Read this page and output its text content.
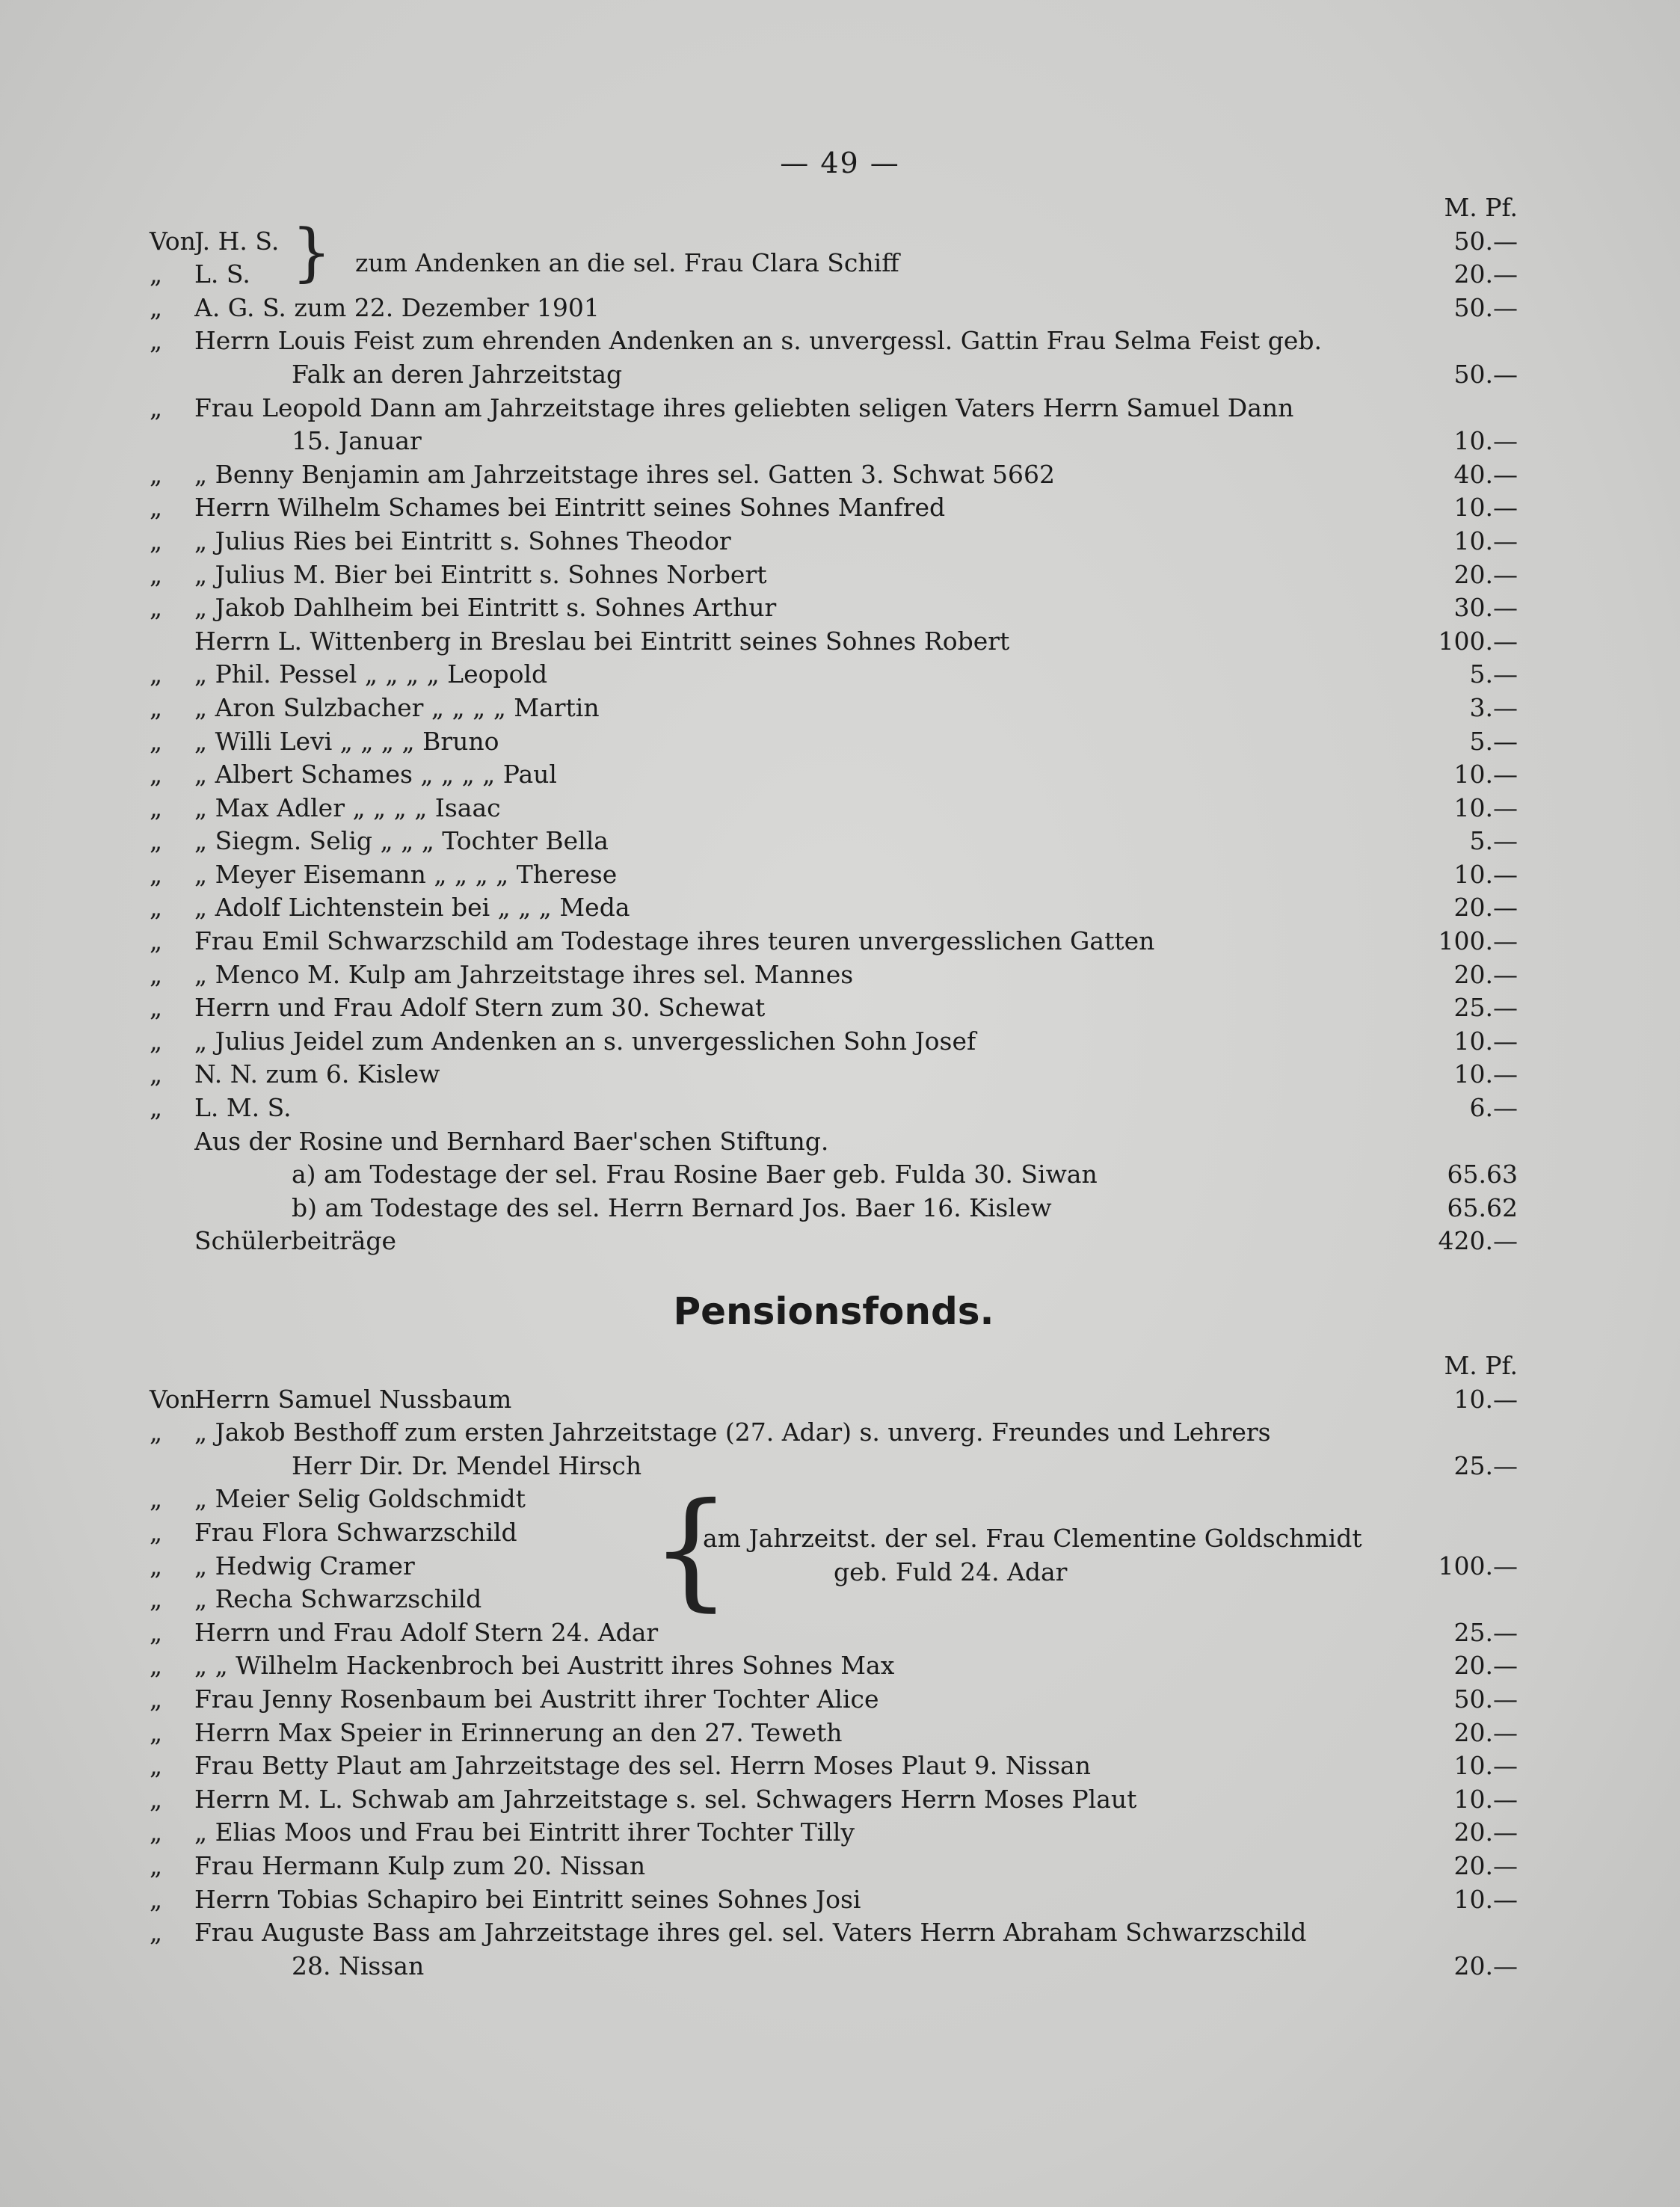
— 49 —
M. Pf.
} zum Andenken an die sel. Frau Clara Schiff
Von
J. H. S.	50.—
„	L. S.	20.—
„	A. G. S. zum 22. Dezember 1901	50.—
„	Herrn Louis Feist zum ehrenden Andenken an s. unvergessl. Gattin Frau Selma Feist geb.
Falk an deren Jahrzeitstag	50.—
„	Frau Leopold Dann am Jahrzeitstage ihres geliebten seligen Vaters Herrn Samuel Dann
15. Januar	10.—
„	„ Benny Benjamin am Jahrzeitstage ihres sel. Gatten 3. Schwat 5662	40.—
„	Herrn Wilhelm Schames bei Eintritt seines Sohnes Manfred	10.—
„	„ Julius Ries bei Eintritt s. Sohnes Theodor	10.—
„	„ Julius M. Bier bei Eintritt s. Sohnes Norbert	20.—
„	„ Jakob Dahlheim bei Eintritt s. Sohnes Arthur	30.—
Herrn L. Wittenberg in Breslau bei Eintritt seines Sohnes Robert	100.—
„	„ Phil. Pessel „ „ „ „ Leopold	5.—
„	„ Aron Sulzbacher „ „ „ „ Martin	3.—
„	„ Willi Levi „ „ „ „ Bruno	5.—
„	„ Albert Schames „ „ „ „ Paul	10.—
„	„ Max Adler „ „ „ „ Isaac	10.—
„	„ Siegm. Selig „ „ „ Tochter Bella	5.—
„	„ Meyer Eisemann „ „ „ „ Therese	10.—
„	„ Adolf Lichtenstein bei „ „ „ Meda	20.—
„	Frau Emil Schwarzschild am Todestage ihres teuren unvergesslichen Gatten	100.—
„	„ Menco M. Kulp am Jahrzeitstage ihres sel. Mannes	20.—
„	Herrn und Frau Adolf Stern zum 30. Schewat	25.—
„	„ Julius Jeidel zum Andenken an s. unvergesslichen Sohn Josef	10.—
„	N. N. zum 6. Kislew	10.—
„	L. M. S.	6.—
Aus der Rosine und Bernhard Baer'schen Stiftung.
a) am Todestage der sel. Frau Rosine Baer geb. Fulda 30. Siwan	65.63
b) am Todestage des sel. Herrn Bernard Jos. Baer 16. Kislew	65.62
Schülerbeiträge	420.—
Pensionsfonds.
M. Pf.
{
am Jahrzeitst. der sel. Frau Clementine Goldschmidt
geb. Fuld 24. Adar
Von
Herrn Samuel Nussbaum	10.—
„	„ Jakob Besthoff zum ersten Jahrzeitstage (27. Adar) s. unverg. Freundes und Lehrers
Herr Dir. Dr. Mendel Hirsch	25.—
„	„ Meier Selig Goldschmidt
„	Frau Flora Schwarzschild
„	„ Hedwig Cramer	100.—
„	„ Recha Schwarzschild
„	Herrn und Frau Adolf Stern 24. Adar	25.—
„	„ „ Wilhelm Hackenbroch bei Austritt ihres Sohnes Max	20.—
„	Frau Jenny Rosenbaum bei Austritt ihrer Tochter Alice	50.—
„	Herrn Max Speier in Erinnerung an den 27. Teweth	20.—
„	Frau Betty Plaut am Jahrzeitstage des sel. Herrn Moses Plaut 9. Nissan	10.—
„	Herrn M. L. Schwab am Jahrzeitstage s. sel. Schwagers Herrn Moses Plaut	10.—
„	„ Elias Moos und Frau bei Eintritt ihrer Tochter Tilly	20.—
„	Frau Hermann Kulp zum 20. Nissan	20.—
„	Herrn Tobias Schapiro bei Eintritt seines Sohnes Josi	10.—
„	Frau Auguste Bass am Jahrzeitstage ihres gel. sel. Vaters Herrn Abraham Schwarzschild
28. Nissan	20.—
